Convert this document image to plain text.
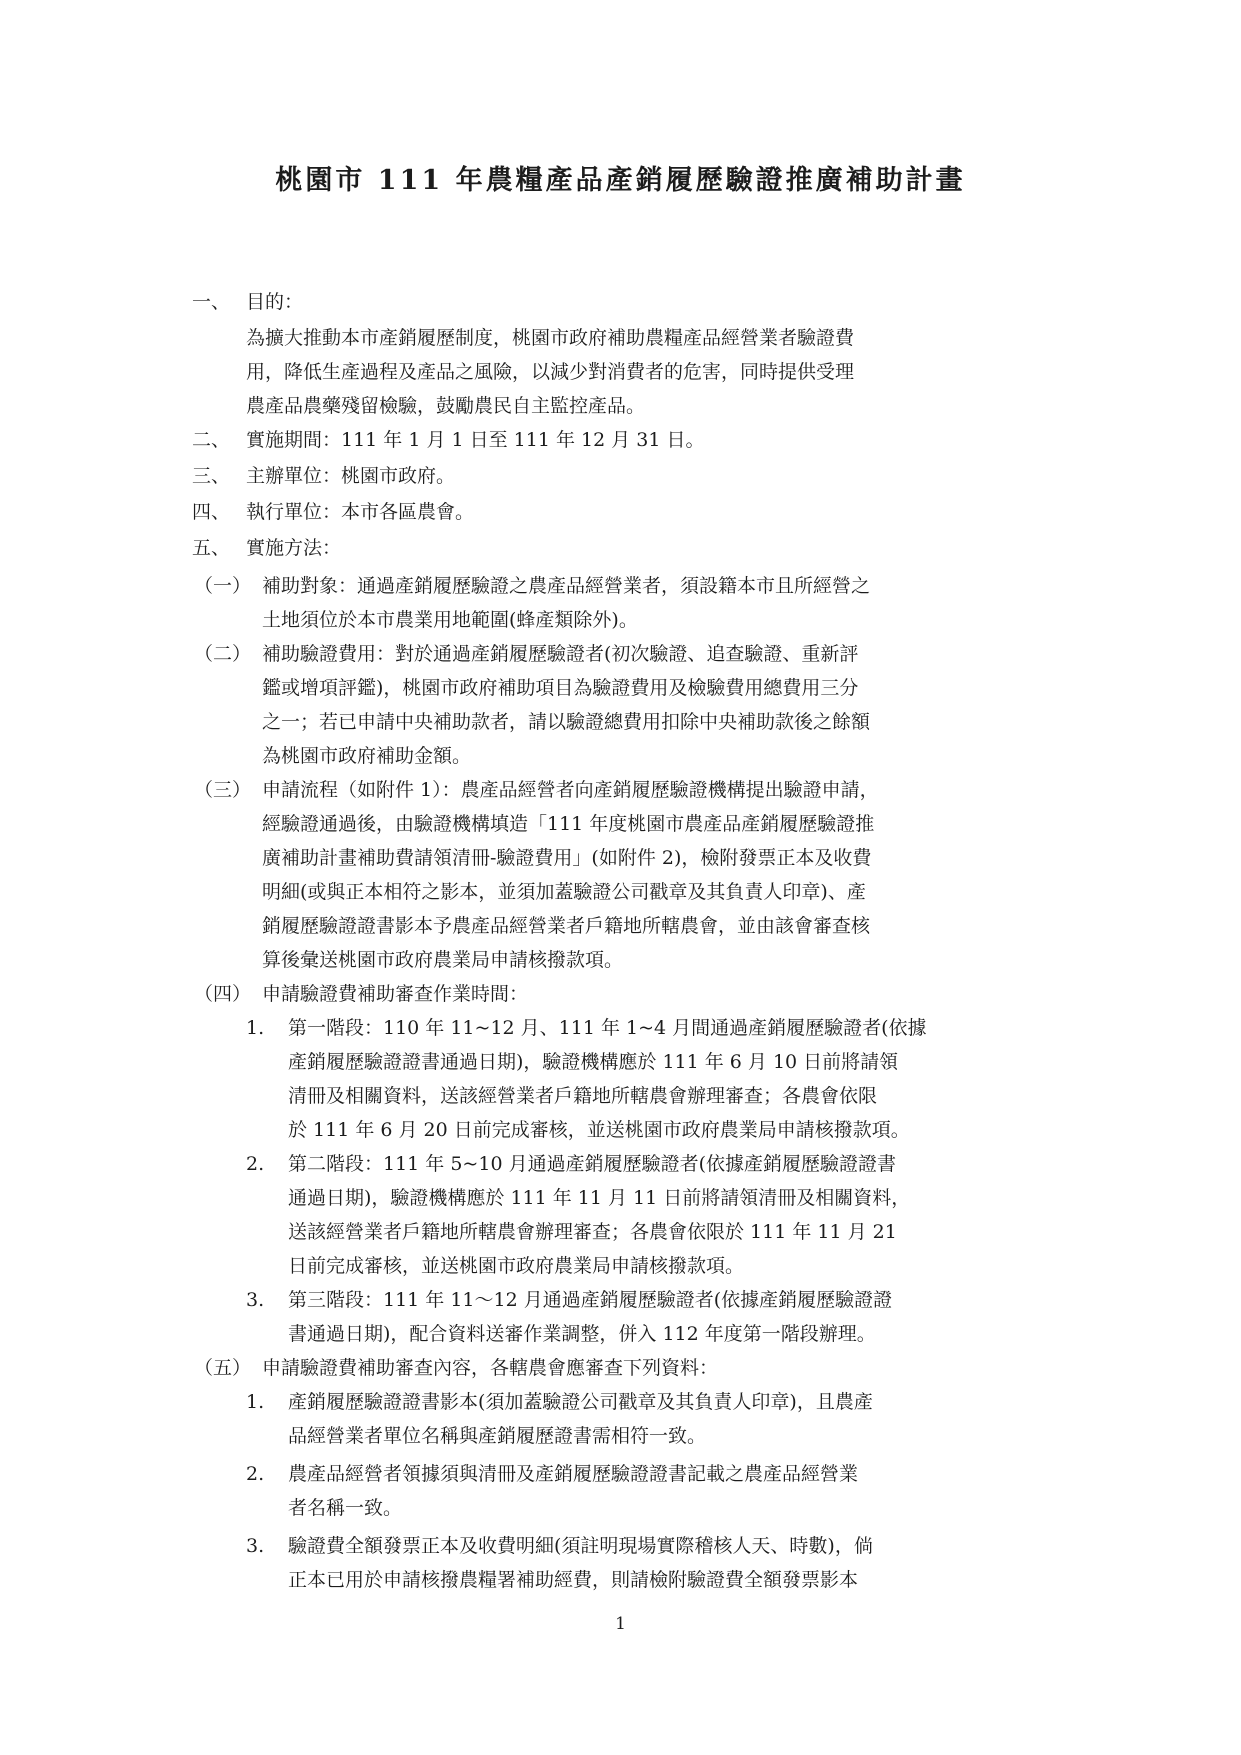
桃園市 111 年農糧產品產銷履歷驗證推廣補助計畫
一、 目的：
為擴大推動本市產銷履歷制度，桃園市政府補助農糧產品經營業者驗證費
用，降低生產過程及產品之風險，以減少對消費者的危害，同時提供受理
農產品農藥殘留檢驗，鼓勵農民自主監控產品。
二、 實施期間：111 年 1 月 1 日至 111 年 12 月 31 日。
三、 主辦單位：桃園市政府。
四、 執行單位：本市各區農會。
五、 實施方法：
（一） 補助對象：通過產銷履歷驗證之農產品經營業者，須設籍本市且所經營之
土地須位於本市農業用地範圍(蜂產類除外)。
（二） 補助驗證費用：對於通過產銷履歷驗證者(初次驗證、追查驗證、重新評
鑑或增項評鑑)，桃園市政府補助項目為驗證費用及檢驗費用總費用三分
之一；若已申請中央補助款者，請以驗證總費用扣除中央補助款後之餘額
為桃園市政府補助金額。
（三） 申請流程（如附件 1）：農產品經營者向產銷履歷驗證機構提出驗證申請，
經驗證通過後，由驗證機構填造「111 年度桃園市農產品產銷履歷驗證推
廣補助計畫補助費請領清冊-驗證費用」(如附件 2)，檢附發票正本及收費
明細(或與正本相符之影本，並須加蓋驗證公司戳章及其負責人印章)、產
銷履歷驗證證書影本予農產品經營業者戶籍地所轄農會，並由該會審查核
算後彙送桃園市政府農業局申請核撥款項。
（四） 申請驗證費補助審查作業時間：
1. 第一階段：110 年 11~12 月、111 年 1~4 月間通過產銷履歷驗證者(依據
產銷履歷驗證證書通過日期)，驗證機構應於 111 年 6 月 10 日前將請領
清冊及相關資料，送該經營業者戶籍地所轄農會辦理審查；各農會依限
於 111 年 6 月 20 日前完成審核，並送桃園市政府農業局申請核撥款項。
2. 第二階段：111 年 5~10 月通過產銷履歷驗證者(依據產銷履歷驗證證書
通過日期)，驗證機構應於 111 年 11 月 11 日前將請領清冊及相關資料，
送該經營業者戶籍地所轄農會辦理審查；各農會依限於 111 年 11 月 21
日前完成審核，並送桃園市政府農業局申請核撥款項。
3. 第三階段：111 年 11～12 月通過產銷履歷驗證者(依據產銷履歷驗證證
書通過日期)，配合資料送審作業調整，併入 112 年度第一階段辦理。
（五） 申請驗證費補助審查內容，各轄農會應審查下列資料：
1. 產銷履歷驗證證書影本(須加蓋驗證公司戳章及其負責人印章)，且農產
品經營業者單位名稱與產銷履歷證書需相符一致。
2. 農產品經營者領據須與清冊及產銷履歷驗證證書記載之農產品經營業
者名稱一致。
3. 驗證費全額發票正本及收費明細(須註明現場實際稽核人天、時數)，倘
正本已用於申請核撥農糧署補助經費，則請檢附驗證費全額發票影本
1
